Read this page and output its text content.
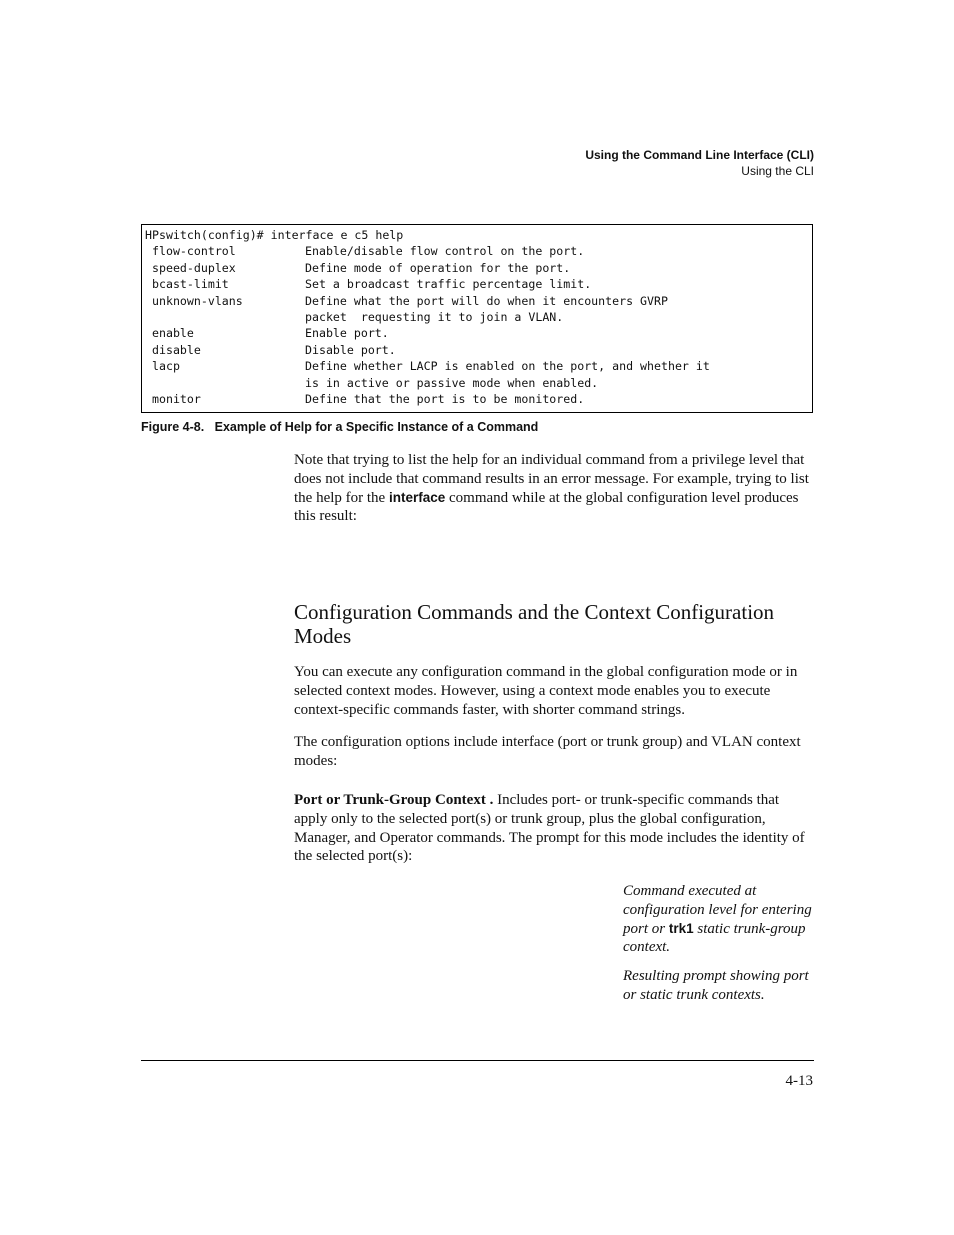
Using the Command Line Interface (CLI)
Using the CLI
HPswitch(config)# interface e c5 help
flow-control	Enable/disable flow control on the port.
speed-duplex	Define mode of operation for the port.
bcast-limit	Set a broadcast traffic percentage limit.
unknown-vlans	Define what the port will do when it encounters GVRP
packet  requesting it to join a VLAN.
enable	Enable port.
disable	Disable port.
lacp	Define whether LACP is enabled on the port, and whether it
is in active or passive mode when enabled.
monitor	Define that the port is to be monitored.
Figure 4-8.   Example of Help for a Specific Instance of a Command
Note that trying to list the help for an individual command from a privilege level that does not include that command results in an error message. For example, trying to list the help for the interface command while at the global configuration level produces this result:
Configuration Commands and the Context Configuration Modes
You can execute any configuration command in the global configuration mode or in selected context modes. However, using a context mode enables you to execute context-specific commands faster, with shorter command strings.
The configuration options include interface (port or trunk group) and VLAN context modes:
Port or Trunk-Group Context . Includes port- or trunk-specific commands that apply only to the selected port(s) or trunk group, plus the global configuration, Manager, and Operator commands. The prompt for this mode includes the identity of the selected port(s):
Command executed at configuration level for entering port or trk1 static trunk-group context.
Resulting prompt showing port or static trunk contexts.
4-13
